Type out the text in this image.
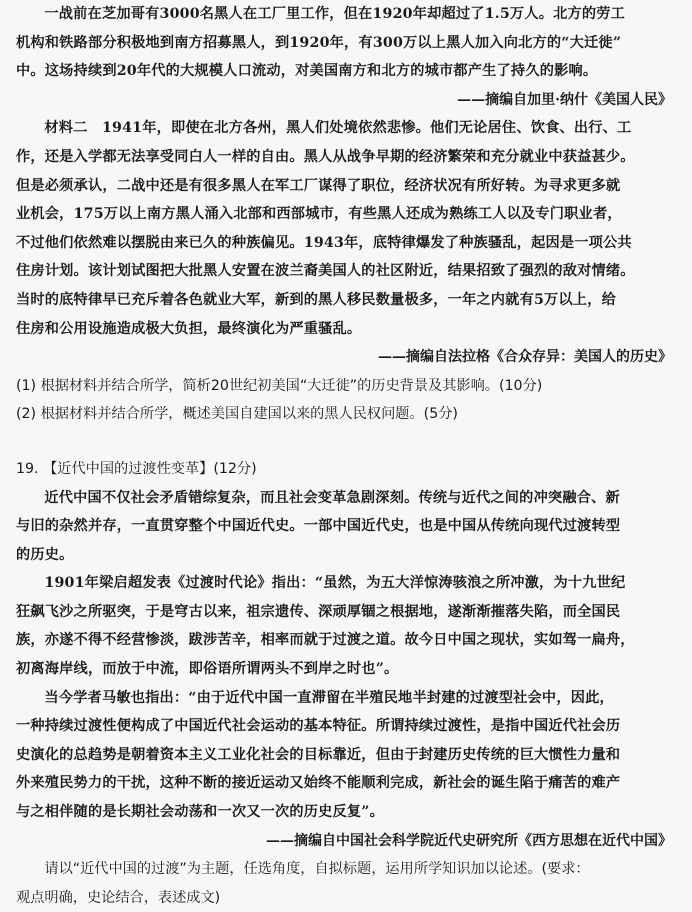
一战前在芝加哥有3000名黑人在工厂里工作，但在1920年却超过了1.5万人。北方的劳工

机构和铁路部分积极地到南方招募黑人，到1920年，有300万以上黑人加入向北方的“大迁徙”

中。这场持续到20年代的大规模人口流动，对美国南方和北方的城市都产生了持久的影响。

——摘编自加里·纳什《美国人民》

材料二  1941年，即使在北方各州，黑人们处境依然悲惨。他们无论居住、饮食、出行、工

作，还是入学都无法享受同白人一样的自由。黑人从战争早期的经济繁荣和充分就业中获益甚少。

但是必须承认，二战中还是有很多黑人在军工厂谋得了职位，经济状况有所好转。为寻求更多就

业机会，175万以上南方黑人涌入北部和西部城市，有些黑人还成为熟练工人以及专门职业者，

不过他们依然难以摆脱由来已久的种族偏见。1943年，底特律爆发了种族骚乱，起因是一项公共

住房计划。该计划试图把大批黑人安置在波兰裔美国人的社区附近，结果招致了强烈的敌对情绪。

当时的底特律早已充斥着各色就业大军，新到的黑人移民数量极多，一年之内就有5万以上，给

住房和公用设施造成极大负担，最终演化为严重骚乱。

——摘编自法拉格《合众存异：美国人的历史》

(1) 根据材料并结合所学，简析20世纪初美国“大迁徙”的历史背景及其影响。(10分)

(2) 根据材料并结合所学，概述美国自建国以来的黑人民权问题。(5分)

19. 【近代中国的过渡性变革】(12分)

近代中国不仅社会矛盾错综复杂，而且社会变革急剧深刻。传统与近代之间的冲突融合、新

与旧的杂然并存，一直贯穿整个中国近代史。一部中国近代史，也是中国从传统向现代过渡转型

的历史。

1901年梁启超发表《过渡时代论》指出：“虽然，为五大洋惊涛骇浪之所冲激，为十九世纪

狂飙飞沙之所驱突，于是穹古以来，祖宗遗传、深顽厚锢之根据地，遂渐渐摧落失陷，而全国民

族，亦遂不得不经营惨淡，跋涉苦辛，相率而就于过渡之道。故今日中国之现状，实如驾一扁舟，

初离海岸线，而放于中流，即俗语所谓两头不到岸之时也”。

当今学者马敏也指出：“由于近代中国一直滞留在半殖民地半封建的过渡型社会中，因此，

一种持续过渡性便构成了中国近代社会运动的基本特征。所谓持续过渡性，是指中国近代社会历

史演化的总趋势是朝着资本主义工业化社会的目标靠近，但由于封建历史传统的巨大惯性力量和

外来殖民势力的干扰，这种不断的接近运动又始终不能顺利完成，新社会的诞生陷于痛苦的难产

与之相伴随的是长期社会动荡和一次又一次的历史反复”。

——摘编自中国社会科学院近代史研究所《西方思想在近代中国》

请以“近代中国的过渡”为主题，任选角度，自拟标题，运用所学知识加以论述。(要求：

观点明确，史论结合，表述成文)
